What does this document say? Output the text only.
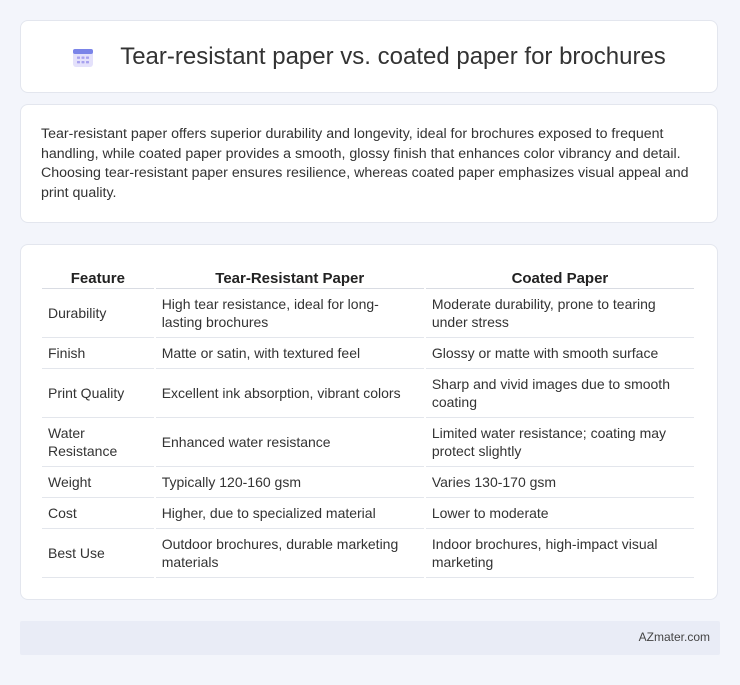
Tear-resistant paper vs. coated paper for brochures

Tear-resistant paper offers superior durability and longevity, ideal for brochures exposed to frequent handling, while coated paper provides a smooth, glossy finish that enhances color vibrancy and detail. Choosing tear-resistant paper ensures resilience, whereas coated paper emphasizes visual appeal and print quality.

Feature	Tear-Resistant Paper	Coated Paper
Durability	High tear resistance, ideal for long-lasting brochures	Moderate durability, prone to tearing under stress
Finish	Matte or satin, with textured feel	Glossy or matte with smooth surface
Print Quality	Excellent ink absorption, vibrant colors	Sharp and vivid images due to smooth coating
Water Resistance	Enhanced water resistance	Limited water resistance; coating may protect slightly
Weight	Typically 120-160 gsm	Varies 130-170 gsm
Cost	Higher, due to specialized material	Lower to moderate
Best Use	Outdoor brochures, durable marketing materials	Indoor brochures, high-impact visual marketing
AZmater.com
